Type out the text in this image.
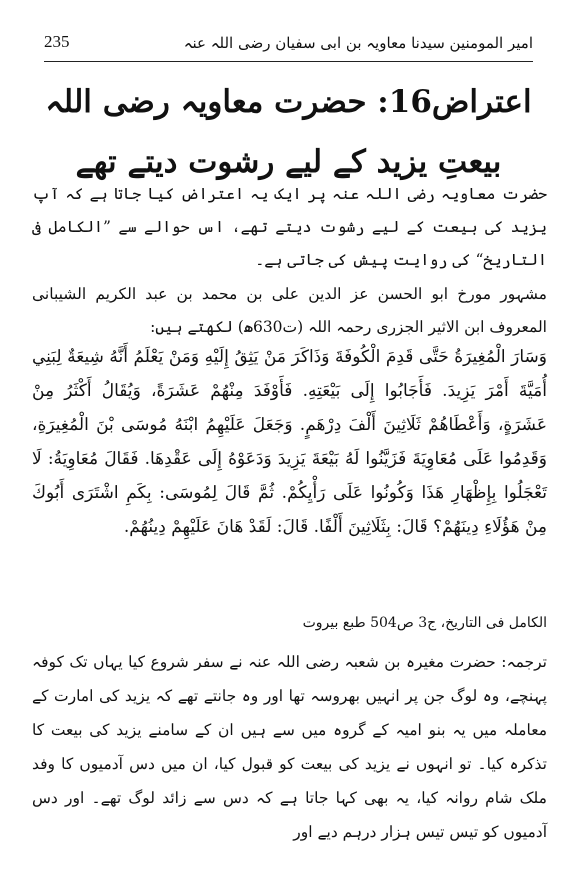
امیر المومنین سیدنا معاویہ بن ابی سفیان رضی اللہ عنہ
235
اعتراض16: حضرت معاویہ رضی اللہ بیعتِ یزید کے لیے رشوت دیتے تھے
حضرت معاویہ رضی اللہ عنہ پر ایک یہ اعتراض کیا جاتا ہے کہ آپ یزید کی بیعت کے لیے رشوت دیتے تھے، اس حوالے سے ”الکامل فی التاریخ“ کی روایت پیش کی جاتی ہے۔
مشہور مورخ ابو الحسن عز الدین علی بن محمد بن عبد الکریم الشیبانی المعروف ابن الاثیر الجزری رحمہ اللہ (ت630ھ) لکھتے ہیں:
وَسَارَ الْمُغِيرَةُ حَتَّى قَدِمَ الْكُوفَةَ وَذَاكَرَ مَنْ يَثِقُ إِلَيْهِ وَمَنْ يَعْلَمُ أَنَّهُ شِيعَةٌ لِبَنِي أُمَيَّةَ أَمْرَ يَزِيدَ. فَأَجَابُوا إِلَى بَيْعَتِهِ. فَأَوْفَدَ مِنْهُمْ عَشَرَةً، وَيُقَالُ أَكْثَرُ مِنْ عَشَرَةٍ، وَأَعْطَاهُمْ ثَلَاثِينَ أَلْفَ دِرْهَمٍ. وَجَعَلَ عَلَيْهِمُ ابْنَهُ مُوسَى بْنَ الْمُغِيرَةِ، وَقَدِمُوا عَلَى مُعَاوِيَةَ فَزَيَّنُوا لَهُ بَيْعَةَ يَزِيدَ وَدَعَوْهُ إِلَى عَقْدِهَا. فَقَالَ مُعَاوِيَةُ: لَا تَعْجَلُوا بِإِظْهَارِ هَذَا وَكُونُوا عَلَى رَأْيِكُمْ. ثُمَّ قَالَ لِمُوسَى: بِكَمِ اشْتَرَى أَبُوكَ مِنْ هَؤُلَاءِ دِينَهُمْ؟ قَالَ: بِثَلَاثِينَ أَلْفًا. قَالَ: لَقَدْ هَانَ عَلَيْهِمْ دِينُهُمْ.
الکامل فی التاریخ، ج3 ص504 طبع بیروت
ترجمہ: حضرت مغیرہ بن شعبہ رضی اللہ عنہ نے سفر شروع کیا یہاں تک کوفہ پہنچے، وہ لوگ جن پر انہیں بھروسہ تھا اور وہ جانتے تھے کہ یزید کی امارت کے معاملہ میں یہ بنو امیہ کے گروہ میں سے ہیں ان کے سامنے یزید کی بیعت کا تذکرہ کیا۔ تو انہوں نے یزید کی بیعت کو قبول کیا، ان میں دس آدمیوں کا وفد ملک شام روانہ کیا، یہ بھی کہا جاتا ہے کہ دس سے زائد لوگ تھے۔ اور دس آدمیوں کو تیس تیس ہزار درہم دیے اور
